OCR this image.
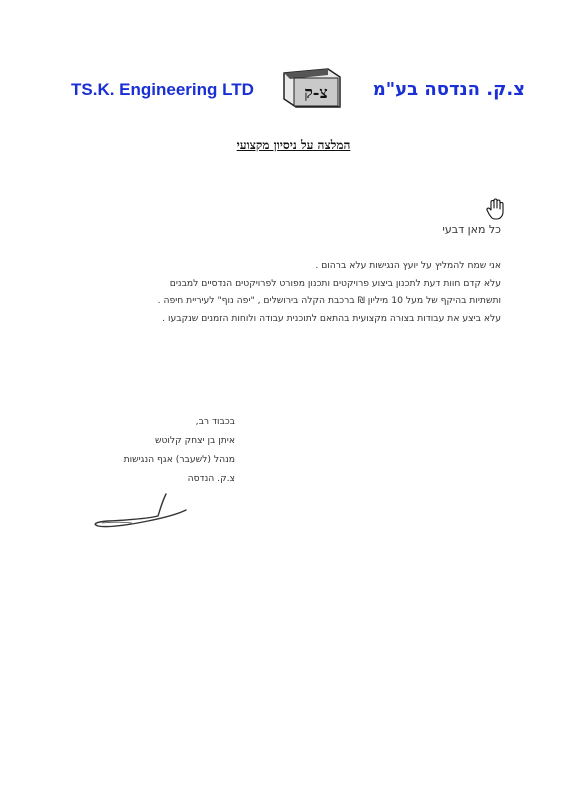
TS.K. Engineering LTD	צ-ק צ.ק. הנדסה בע"מ
המלצה על ניסיון מקצועי
כל מאן דבעי
אני שמח להמליץ על יועץ הנגישות עלא ברהום .
עלא קדם חוות דעת לתכנון ביצוע פרויקטים ותכנון מפורט לפרויקטים הנדסיים למבנים
ותשתיות בהיקף של מעל 10 מיליון ₪ ברכבת הקלה בירושלים , "יפה נוף" לעיריית חיפה .
עלא ביצע את עבודות בצורה מקצועית בהתאם לתוכנית עבודה ולוחות הזמנים שנקבעו .
בכבוד רב,
איתן בן יצחק קלוטש
מנהל (לשעבר) אגף הנגישות
צ.ק. הנדסה
